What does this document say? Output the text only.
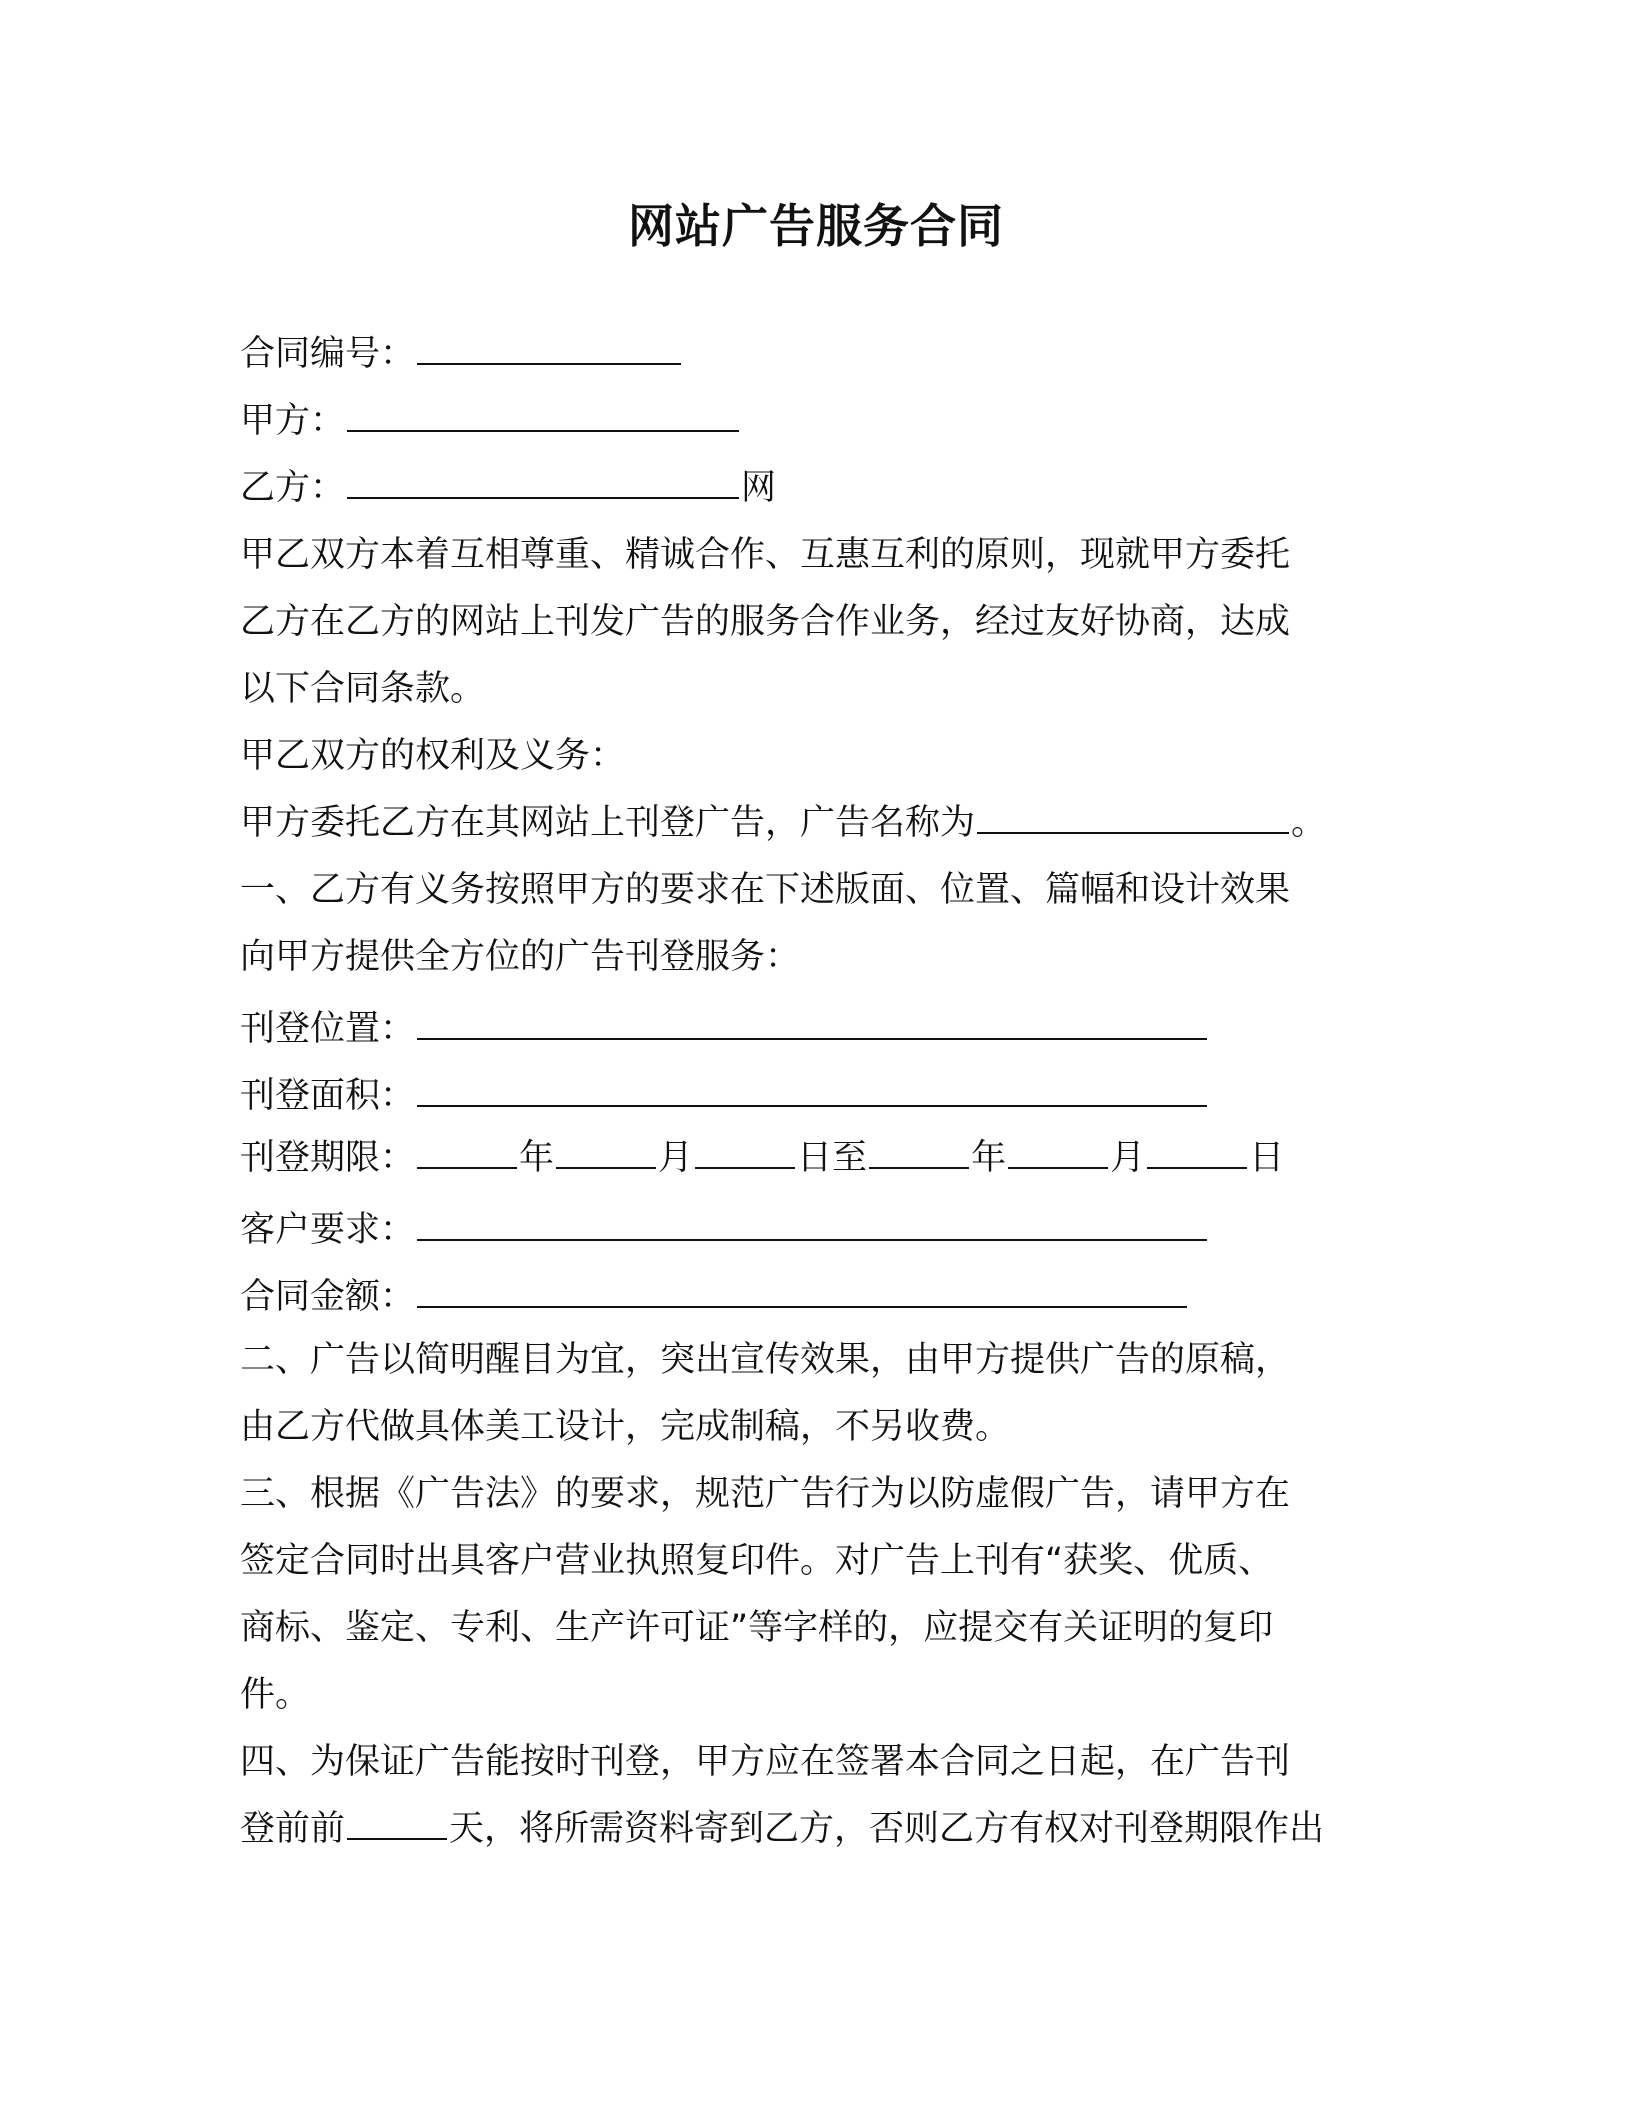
网站广告服务合同
合同编号：
甲方：
乙方：	网
甲乙双方本着互相尊重、精诚合作、互惠互利的原则，现就甲方委托
乙方在乙方的网站上刊发广告的服务合作业务，经过友好协商，达成
以下合同条款。
甲乙双方的权利及义务：
甲方委托乙方在其网站上刊登广告，广告名称为	。
一、乙方有义务按照甲方的要求在下述版面、位置、篇幅和设计效果
向甲方提供全方位的广告刊登服务：
刊登位置：
刊登面积：
刊登期限：	年	月	日至	年	月	日
客户要求：
合同金额：
二、广告以简明醒目为宜，突出宣传效果，由甲方提供广告的原稿，
由乙方代做具体美工设计，完成制稿，不另收费。
三、根据《广告法》的要求，规范广告行为以防虚假广告，请甲方在
签定合同时出具客户营业执照复印件。对广告上刊有“获奖、优质、
商标、鉴定、专利、生产许可证”等字样的，应提交有关证明的复印
件。
四、为保证广告能按时刊登，甲方应在签署本合同之日起，在广告刊
登前前	天，将所需资料寄到乙方，否则乙方有权对刊登期限作出
